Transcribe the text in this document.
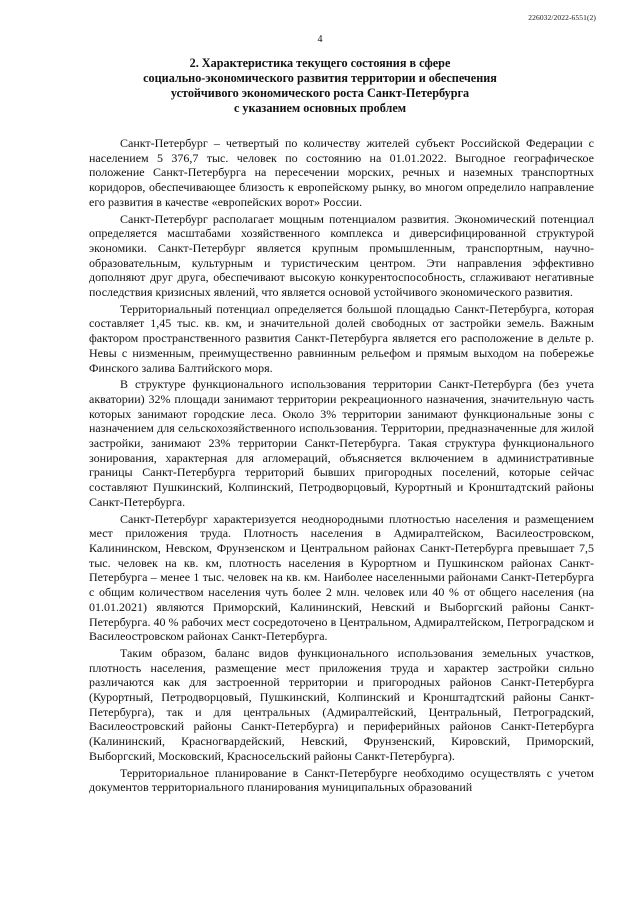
226032/2022-6551(2)
4
2. Характеристика текущего состояния в сфере
социально-экономического развития территории и обеспечения
устойчивого экономического роста Санкт-Петербурга
с указанием основных проблем

Санкт-Петербург – четвертый по количеству жителей субъект Российской Федерации с населением 5 376,7 тыс. человек по состоянию на 01.01.2022. Выгодное географическое положение Санкт-Петербурга на пересечении морских, речных и наземных транспортных коридоров, обеспечивающее близость к европейскому рынку, во многом определило направление его развития в качестве «европейских ворот» России.

Санкт-Петербург располагает мощным потенциалом развития. Экономический потенциал определяется масштабами хозяйственного комплекса и диверсифицированной структурой экономики. Санкт-Петербург является крупным промышленным, транспортным, научно-образовательным, культурным и туристическим центром. Эти направления эффективно дополняют друг друга, обеспечивают высокую конкурентоспособность, сглаживают негативные последствия кризисных явлений, что является основой устойчивого экономического развития.

Территориальный потенциал определяется большой площадью Санкт-Петербурга, которая составляет 1,45 тыс. кв. км, и значительной долей свободных от застройки земель. Важным фактором пространственного развития Санкт-Петербурга является его расположение в дельте р. Невы с низменным, преимущественно равнинным рельефом и прямым выходом на побережье Финского залива Балтийского моря.

В структуре функционального использования территории Санкт-Петербурга (без учета акватории) 32% площади занимают территории рекреационного назначения, значительную часть которых занимают городские леса. Около 3% территории занимают функциональные зоны с назначением для сельскохозяйственного использования. Территории, предназначенные для жилой застройки, занимают 23% территории Санкт-Петербурга. Такая структура функционального зонирования, характерная для агломераций, объясняется включением в административные границы Санкт-Петербурга территорий бывших пригородных поселений, которые сейчас составляют Пушкинский, Колпинский, Петродворцовый, Курортный и Кронштадтский районы Санкт-Петербурга.

Санкт-Петербург характеризуется неоднородными плотностью населения и размещением мест приложения труда. Плотность населения в Адмиралтейском, Василеостровском, Калининском, Невском, Фрунзенском и Центральном районах Санкт-Петербурга превышает 7,5 тыс. человек на кв. км, плотность населения в Курортном и Пушкинском районах Санкт-Петербурга – менее 1 тыс. человек на кв. км. Наиболее населенными районами Санкт-Петербурга с общим количеством населения чуть более 2 млн. человек или 40 % от общего населения (на 01.01.2021) являются Приморский, Калининский, Невский и Выборгский районы Санкт-Петербурга. 40 % рабочих мест сосредоточено в Центральном, Адмиралтейском, Петроградском и Василеостровском районах Санкт-Петербурга.

Таким образом, баланс видов функционального использования земельных участков, плотность населения, размещение мест приложения труда и характер застройки сильно различаются как для застроенной территории и пригородных районов Санкт-Петербурга (Курортный, Петродворцовый, Пушкинский, Колпинский и Кронштадтский районы Санкт-Петербурга), так и для центральных (Адмиралтейский, Центральный, Петроградский, Василеостровский районы Санкт-Петербурга) и периферийных районов Санкт-Петербурга (Калининский, Красногвардейский, Невский, Фрунзенский, Кировский, Приморский, Выборгский, Московский, Красносельский районы Санкт-Петербурга).

Территориальное планирование в Санкт-Петербурге необходимо осуществлять с учетом документов территориального планирования муниципальных образований
